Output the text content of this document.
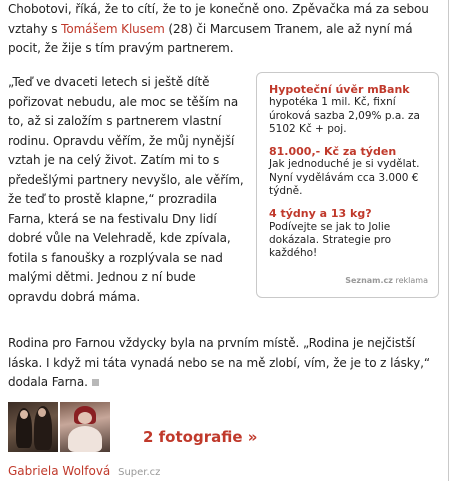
Chobotovi, říká, že to cítí, že to je konečně ono. Zpěvačka má za sebou vztahy s Tomášem Klusem (28) či Marcusem Tranem, ale až nyní má pocit, že žije s tím pravým partnerem.

„Teď ve dvaceti letech si ještě dítě pořizovat nebudu, ale moc se těším na to, až si založím s partnerem vlastní rodinu. Opravdu věřím, že můj nynější vztah je na celý život. Zatím mi to s předešlými partnery nevyšlo, ale věřím, že teď to prostě klapne,“ prozradila Farna, která se na festivalu Dny lidí dobré vůle na Velehradě, kde zpívala, fotila s fanoušky a rozplývala se nad malými dětmi. Jednou z ní bude opravdu dobrá máma.

Hypoteční úvěr mBank
hypotéka 1 mil. Kč, fixní úroková sazba 2,09% p.a. za 5102 Kč + poj.
81.000,- Kč za týden
Jak jednoduché je si vydělat. Nyní vydělávám cca 3.000 € týdně.
4 týdny a 13 kg?
Podívejte se jak to Jolie dokázala. Strategie pro každého!
Seznam.cz reklama

Rodina pro Farnou vždycky byla na prvním místě. „Rodina je nejčistší láska. I když mi táta vynadá nebo se na mě zlobí, vím, že je to z lásky,“ dodala Farna.

2 fotografie »
Gabriela Wolfová Super.cz
